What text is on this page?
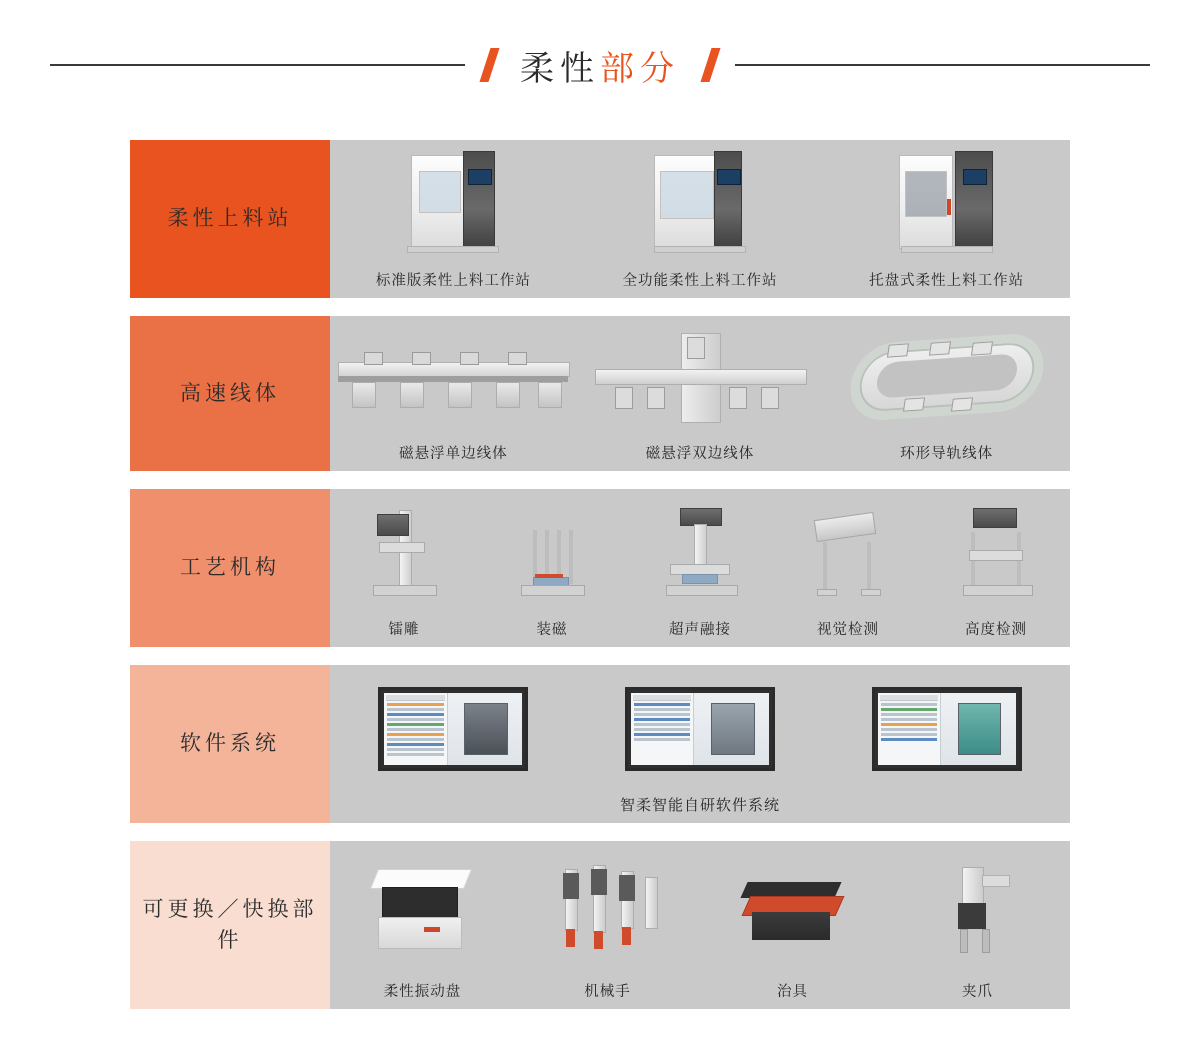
柔性部分
柔性上料站
标准版柔性上料工作站	全功能柔性上料工作站	托盘式柔性上料工作站
高速线体
磁悬浮单边线体	磁悬浮双边线体	环形导轨线体
工艺机构
镭雕	装磁	超声融接	视觉检测	高度检测
软件系统
智柔智能自研软件系统
可更换／快换部件
柔性振动盘	机械手	治具	夹爪
